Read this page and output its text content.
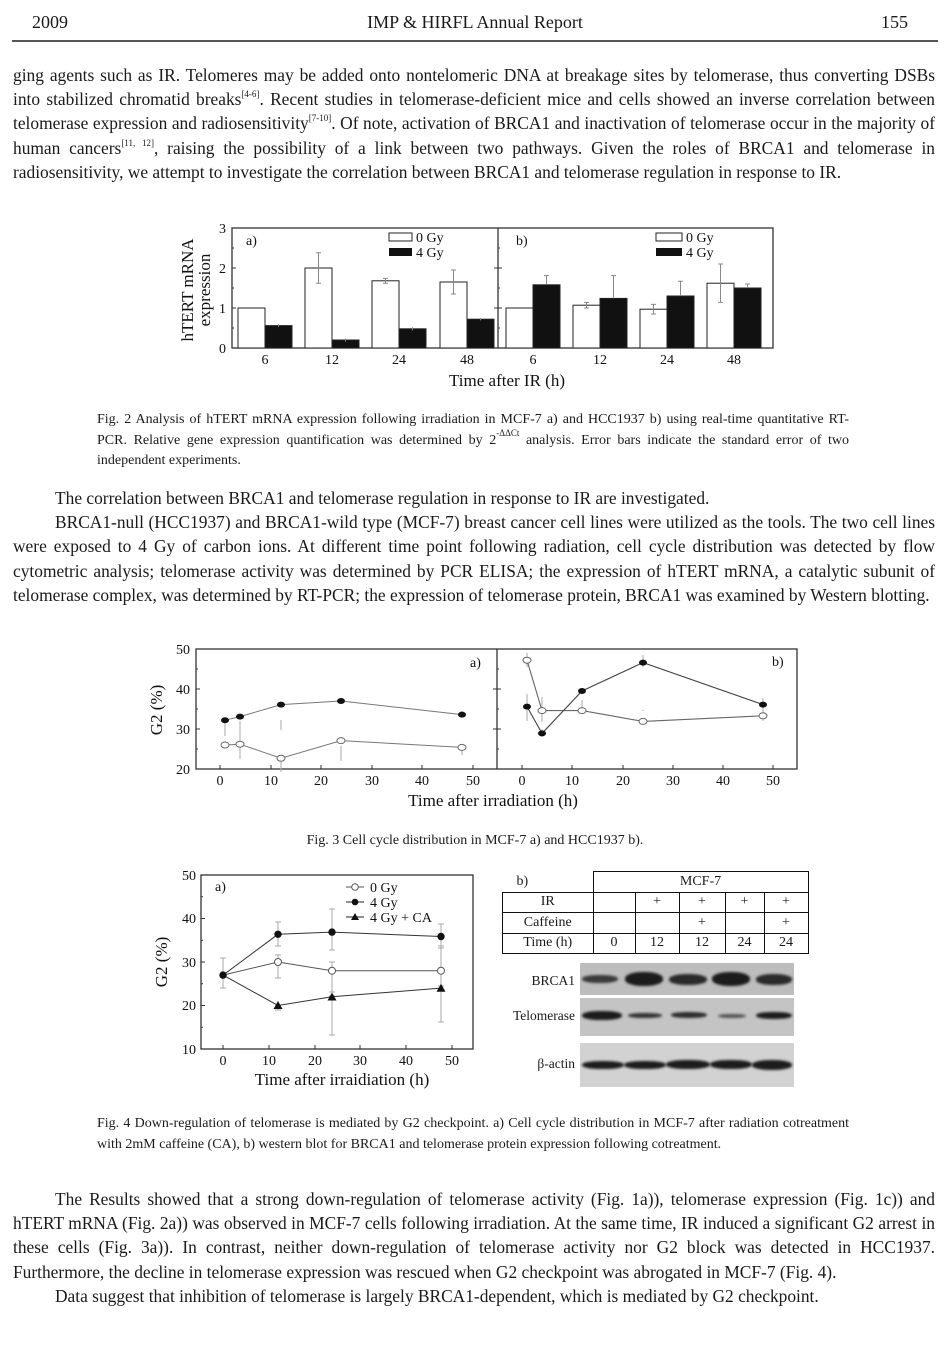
2009	IMP & HIRFL Annual Report	155

ging agents such as IR. Telomeres may be added onto nontelomeric DNA at breakage sites by telomerase, thus converting DSBs into stabilized chromatid breaks[4-6]. Recent studies in telomerase-deficient mice and cells showed an inverse correlation between telomerase expression and radiosensitivity[7-10]. Of note, activation of BRCA1 and inactivation of telomerase occur in the majority of human cancers[11, 12], raising the possibility of a link between two pathways. Given the roles of BRCA1 and telomerase in radiosensitivity, we attempt to investigate the correlation between BRCA1 and telomerase regulation in response to IR.

3
2
1
0
hTERT mRNA
expression
a)	b)
0 Gy
4 Gy
0 Gy
4 Gy
6	12	24	48	6	12	24	48
Time after IR (h)
Fig. 2 Analysis of hTERT mRNA expression following irradiation in MCF-7 a) and HCC1937 b) using real-time quantitative RT-PCR. Relative gene expression quantification was determined by $2^{-\Delta\Delta Ct}$ analysis. Error bars indicate the standard error of two independent experiments.

The correlation between BRCA1 and telomerase regulation in response to IR are investigated.

BRCA1-null (HCC1937) and BRCA1-wild type (MCF-7) breast cancer cell lines were utilized as the tools. The two cell lines were exposed to 4 Gy of carbon ions. At different time point following radiation, cell cycle distribution was detected by flow cytometric analysis; telomerase activity was determined by PCR ELISA; the expression of hTERT mRNA, a catalytic subunit of telomerase complex, was determined by RT-PCR; the expression of telomerase protein, BRCA1 was examined by Western blotting.

50
40
30
20
G2 (%)
0	10	20	30	40	50	0	10	20	30	40	50
Time after irradiation (h)
a)	b)
Fig. 3 Cell cycle distribution in MCF-7 a) and HCC1937 b).
50
40
30
20
10
G2 (%)
0	10 20 30 40 50
Time after irraidiation (h)
a)	0 Gy
4 Gy
4 Gy + CA
b)	MCF-7				
IR		+	+	+	+
Caffeine			+		+
Time (h)	0	12	12	24	24
BRCA1
Telomerase
β-actin
Fig. 4 Down-regulation of telomerase is mediated by G2 checkpoint. a) Cell cycle distribution in MCF-7 after radiation cotreatment with 2mM caffeine (CA), b) western blot for BRCA1 and telomerase protein expression following cotreatment.

The Results showed that a strong down-regulation of telomerase activity (Fig. 1a)), telomerase expression (Fig. 1c)) and hTERT mRNA (Fig. 2a)) was observed in MCF-7 cells following irradiation. At the same time, IR induced a significant G2 arrest in these cells (Fig. 3a)). In contrast, neither down-regulation of telomerase activity nor G2 block was detected in HCC1937. Furthermore, the decline in telomerase expression was rescued when G2 checkpoint was abrogated in MCF-7 (Fig. 4).

Data suggest that inhibition of telomerase is largely BRCA1-dependent, which is mediated by G2 checkpoint.
